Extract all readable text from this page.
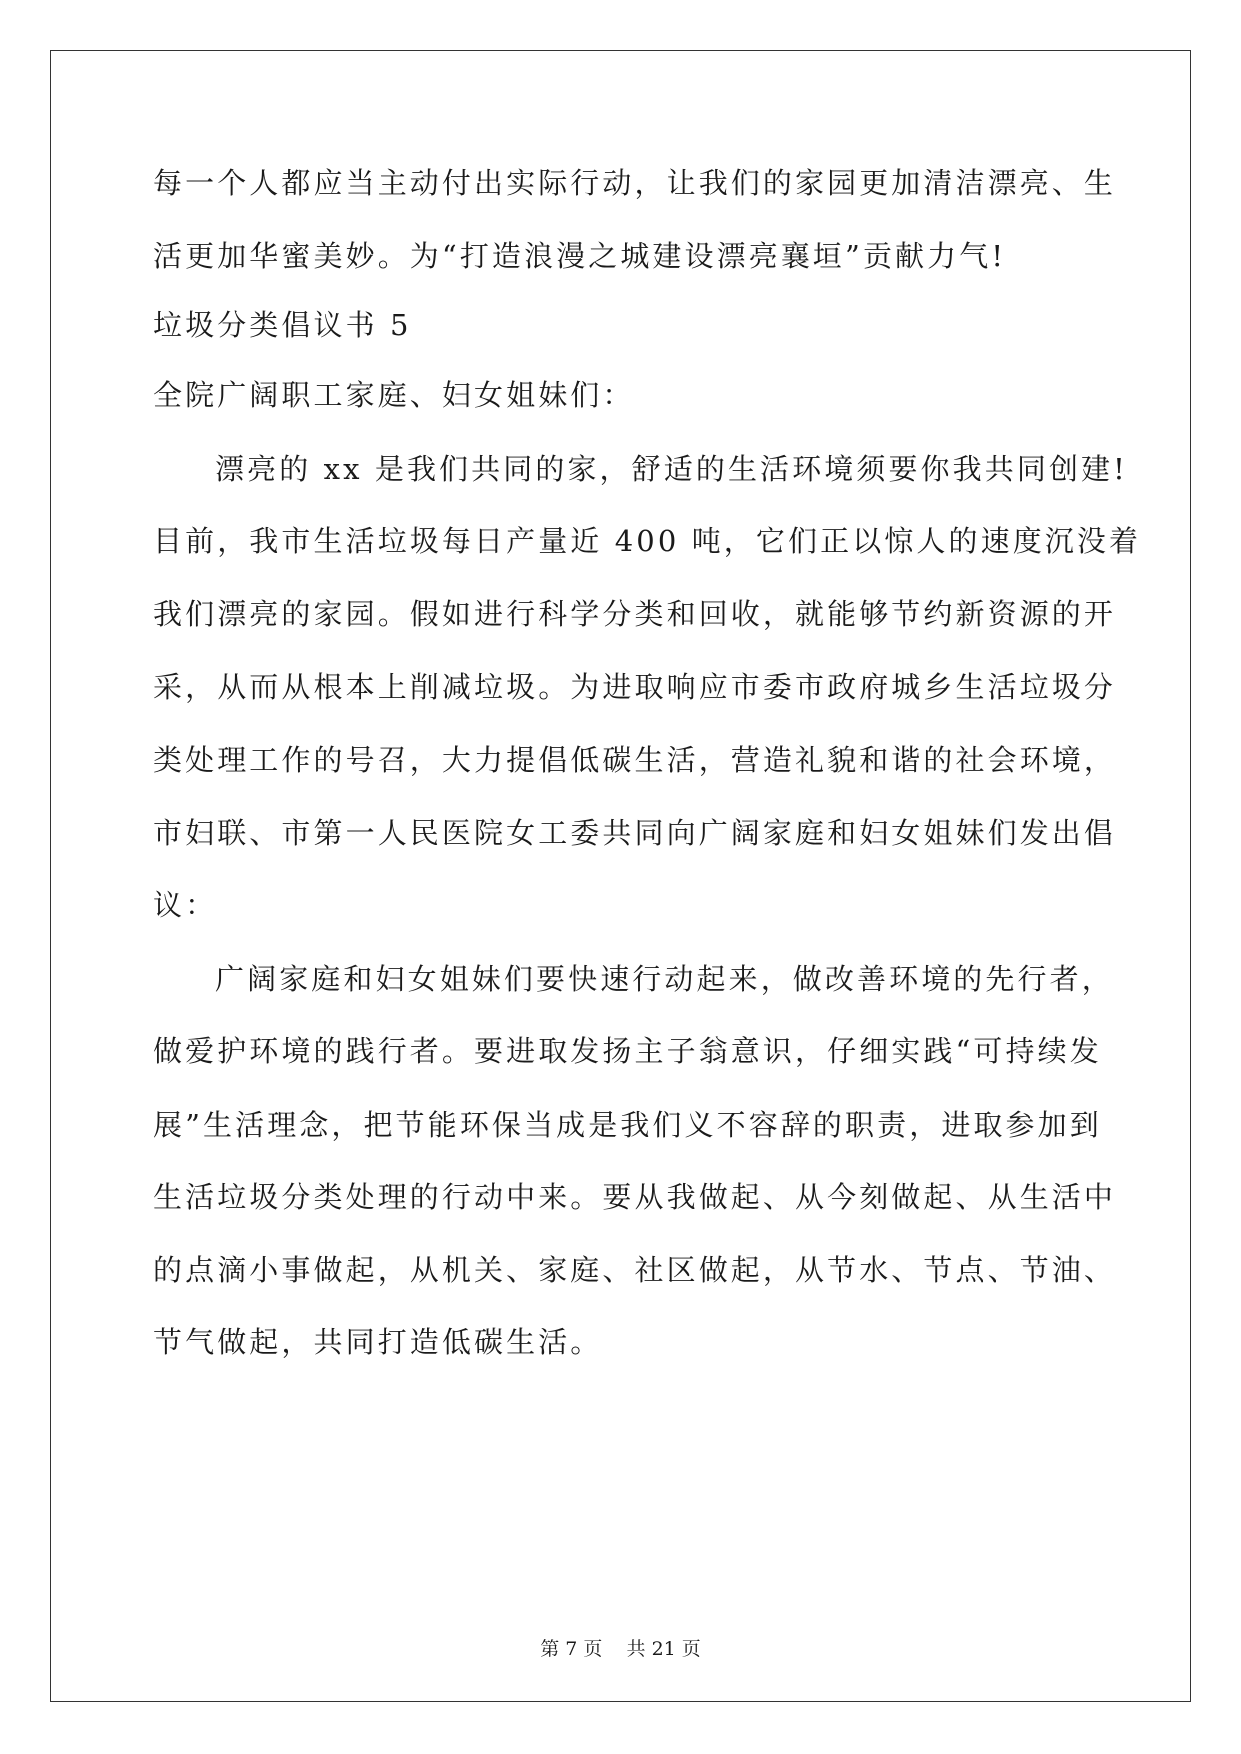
每一个人都应当主动付出实际行动，让我们的家园更加清洁漂亮、生
活更加华蜜美妙。为“打造浪漫之城建设漂亮襄垣”贡献力气!
垃圾分类倡议书 5
全院广阔职工家庭、妇女姐妹们：
漂亮的 xx 是我们共同的家，舒适的生活环境须要你我共同创建!
目前，我市生活垃圾每日产量近 400 吨，它们正以惊人的速度沉没着
我们漂亮的家园。假如进行科学分类和回收，就能够节约新资源的开
采，从而从根本上削减垃圾。为进取响应市委市政府城乡生活垃圾分
类处理工作的号召，大力提倡低碳生活，营造礼貌和谐的社会环境，
市妇联、市第一人民医院女工委共同向广阔家庭和妇女姐妹们发出倡
议：
广阔家庭和妇女姐妹们要快速行动起来，做改善环境的先行者，
做爱护环境的践行者。要进取发扬主子翁意识，仔细实践“可持续发
展”生活理念，把节能环保当成是我们义不容辞的职责，进取参加到
生活垃圾分类处理的行动中来。要从我做起、从今刻做起、从生活中
的点滴小事做起，从机关、家庭、社区做起，从节水、节点、节油、
节气做起，共同打造低碳生活。
第 7 页    共 21 页
